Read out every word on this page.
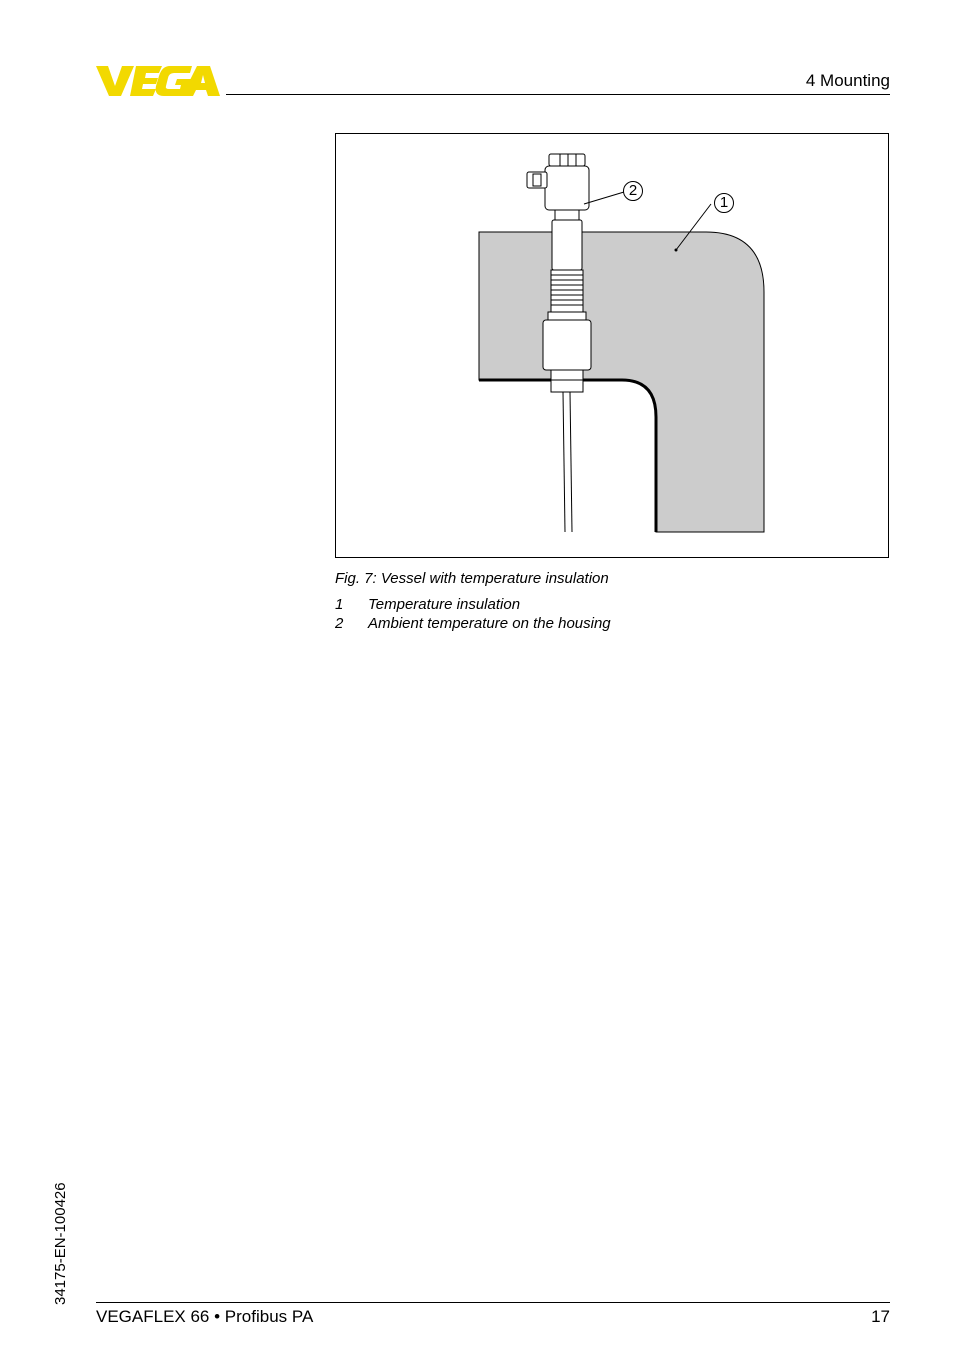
4 Mounting
1
2
Fig. 7: Vessel with temperature insulation
1 Temperature insulation
2 Ambient temperature on the housing
34175-EN-100426
VEGAFLEX 66 • Profibus PA	17
